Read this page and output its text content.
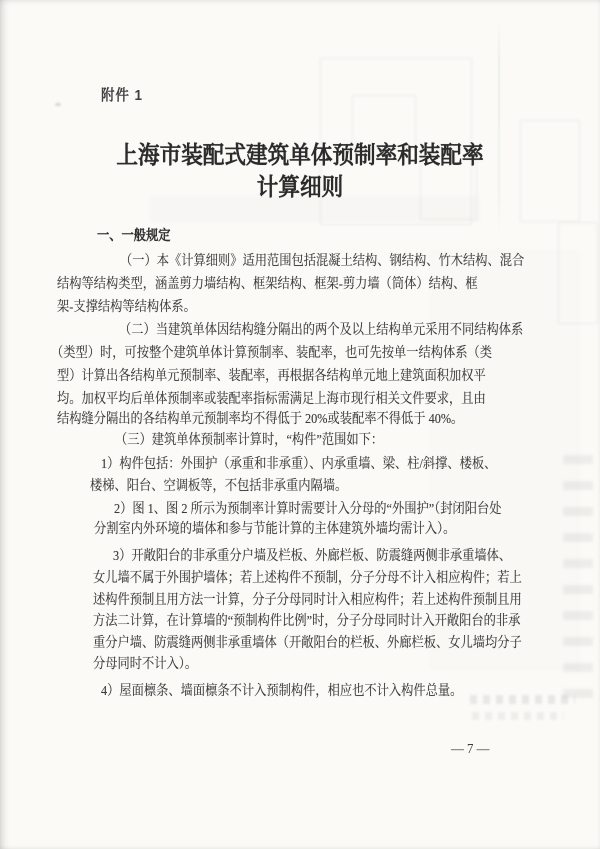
附件 1
上海市装配式建筑单体预制率和装配率
计算细则
一、一般规定
（一）本《计算细则》适用范围包括混凝土结构、钢结构、竹木结构、混合
结构等结构类型，涵盖剪力墙结构、框架结构、框架-剪力墙（筒体）结构、框
架-支撑结构等结构体系。
（二）当建筑单体因结构缝分隔出的两个及以上结构单元采用不同结构体系
（类型）时，可按整个建筑单体计算预制率、装配率，也可先按单一结构体系（类
型）计算出各结构单元预制率、装配率，再根据各结构单元地上建筑面积加权平
均。加权平均后单体预制率或装配率指标需满足上海市现行相关文件要求，且由
结构缝分隔出的各结构单元预制率均不得低于 20%或装配率不得低于 40%。
（三）建筑单体预制率计算时，“构件”范围如下：
1）构件包括：外围护（承重和非承重）、内承重墙、梁、柱/斜撑、楼板、
楼梯、阳台、空调板等，不包括非承重内隔墙。
2）图 1、图 2 所示为预制率计算时需要计入分母的“外围护”（封闭阳台处
分割室内外环境的墙体和参与节能计算的主体建筑外墙均需计入）。
3）开敞阳台的非承重分户墙及栏板、外廊栏板、防震缝两侧非承重墙体、
女儿墙不属于外围护墙体；若上述构件不预制，分子分母不计入相应构件；若上
述构件预制且用方法一计算，分子分母同时计入相应构件；若上述构件预制且用
方法二计算，在计算墙的“预制构件比例”时，分子分母同时计入开敞阳台的非承
重分户墙、防震缝两侧非承重墙体（开敞阳台的栏板、外廊栏板、女儿墙均分子
分母同时不计入）。
4）屋面檩条、墙面檩条不计入预制构件，相应也不计入构件总量。
— 7 —
